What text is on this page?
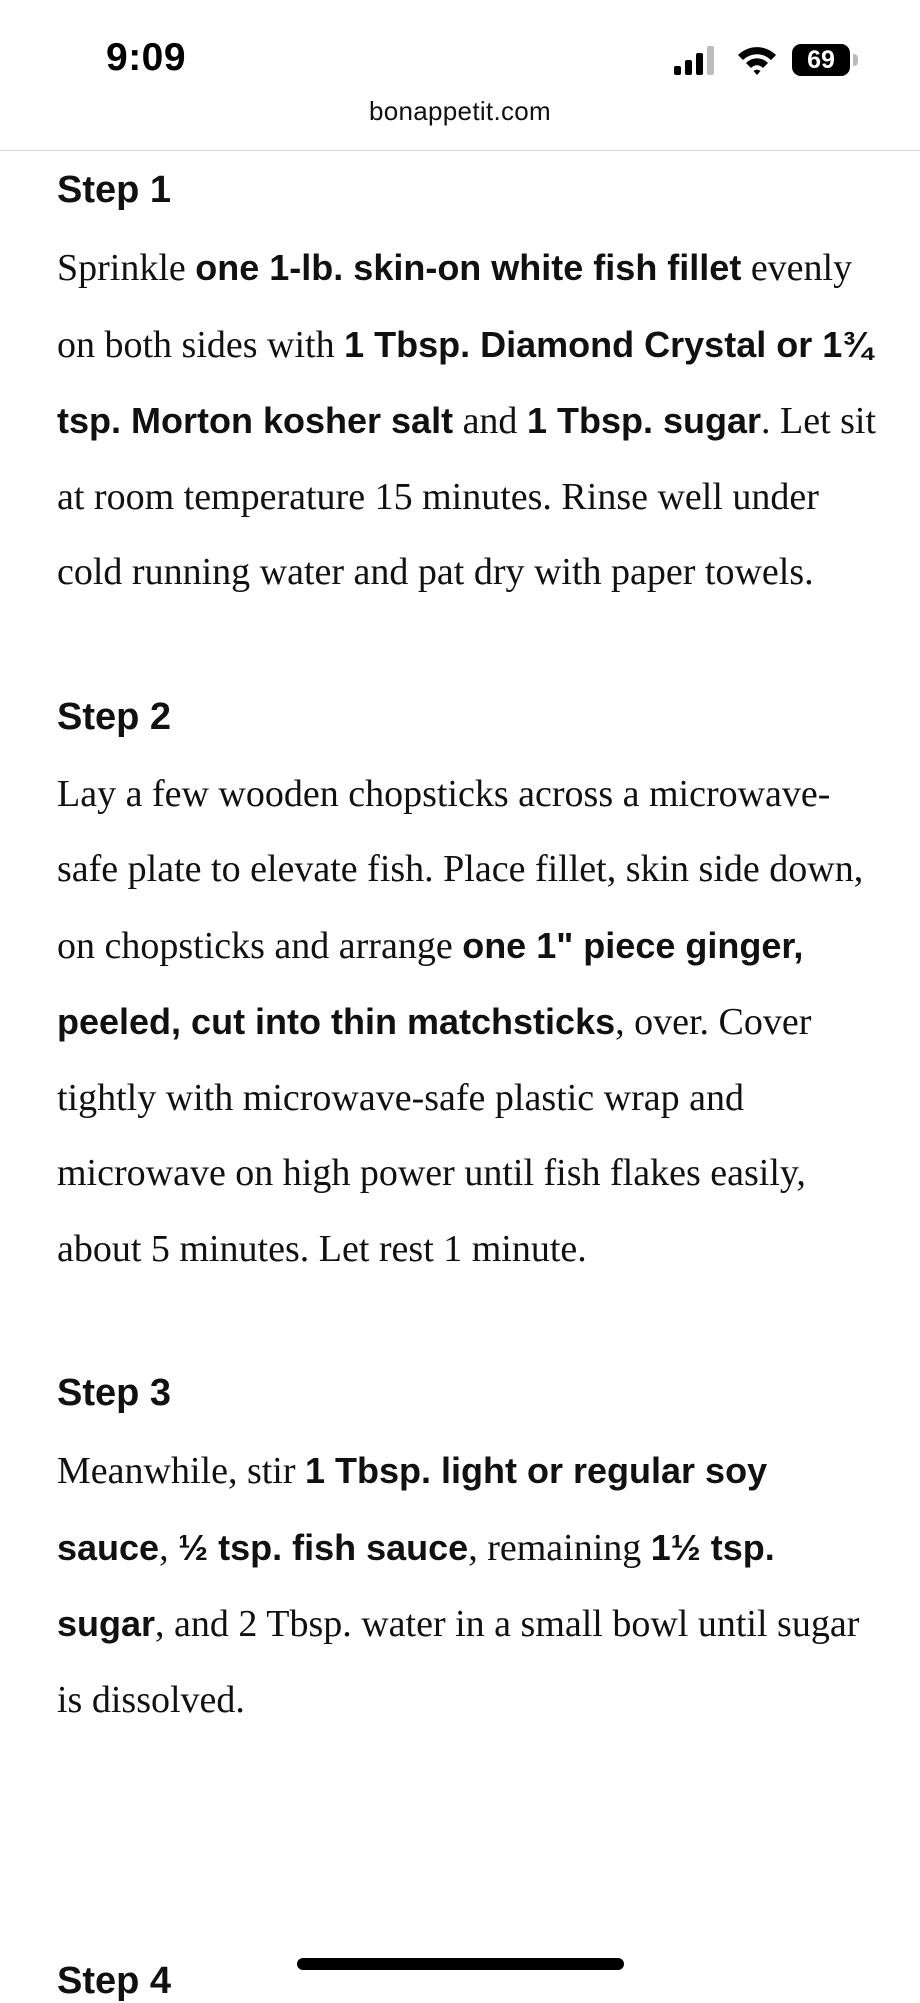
9:09	69
bonappetit.com
Step 1

Sprinkle one 1-lb. skin-on white fish fillet evenly on both sides with 1 Tbsp. Diamond Crystal or 1¾ tsp. Morton kosher salt and 1 Tbsp. sugar. Let sit at room temperature 15 minutes. Rinse well under cold running water and pat dry with paper towels.

Step 2

Lay a few wooden chopsticks across a microwave-safe plate to elevate fish. Place fillet, skin side down, on chopsticks and arrange one 1" piece ginger, peeled, cut into thin matchsticks, over. Cover tightly with microwave-safe plastic wrap and microwave on high power until fish flakes easily, about 5 minutes. Let rest 1 minute.

Step 3

Meanwhile, stir 1 Tbsp. light or regular soy sauce, ½ tsp. fish sauce, remaining 1½ tsp. sugar, and 2 Tbsp. water in a small bowl until sugar is dissolved.

Step 4
